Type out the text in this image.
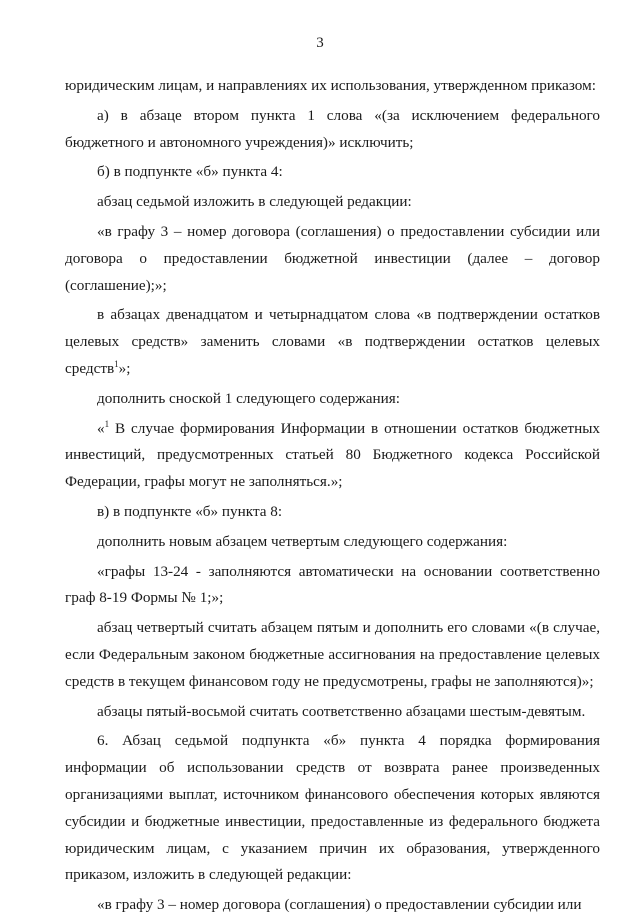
3

юридическим лицам, и направлениях их использования, утвержденном приказом:

а) в абзаце втором пункта 1 слова «(за исключением федерального бюджетного и автономного учреждения)» исключить;

б) в подпункте «б» пункта 4:

абзац седьмой изложить в следующей редакции:

«в графу 3 – номер договора (соглашения) о предоставлении субсидии или договора о предоставлении бюджетной инвестиции (далее – договор (соглашение);»;

в абзацах двенадцатом и четырнадцатом слова «в подтверждении остатков целевых средств» заменить словами «в подтверждении остатков целевых средств$^1$»;

дополнить сноской 1 следующего содержания:

«$^1$ В случае формирования Информации в отношении остатков бюджетных инвестиций, предусмотренных статьей 80 Бюджетного кодекса Российской Федерации, графы могут не заполняться.»;

в) в подпункте «б» пункта 8:

дополнить новым абзацем четвертым следующего содержания:

«графы 13-24 - заполняются автоматически на основании соответственно граф 8-19 Формы № 1;»;

абзац четвертый считать абзацем пятым и дополнить его словами «(в случае, если Федеральным законом бюджетные ассигнования на предоставление целевых средств в текущем финансовом году не предусмотрены, графы не заполняются)»;

абзацы пятый-восьмой считать соответственно абзацами шестым-девятым.

6. Абзац седьмой подпункта «б» пункта 4 порядка формирования информации об использовании средств от возврата ранее произведенных организациями выплат, источником финансового обеспечения которых являются субсидии и бюджетные инвестиции, предоставленные из федерального бюджета юридическим лицам, с указанием причин их образования, утвержденного приказом, изложить в следующей редакции:

«в графу 3 – номер договора (соглашения) о предоставлении субсидии или
